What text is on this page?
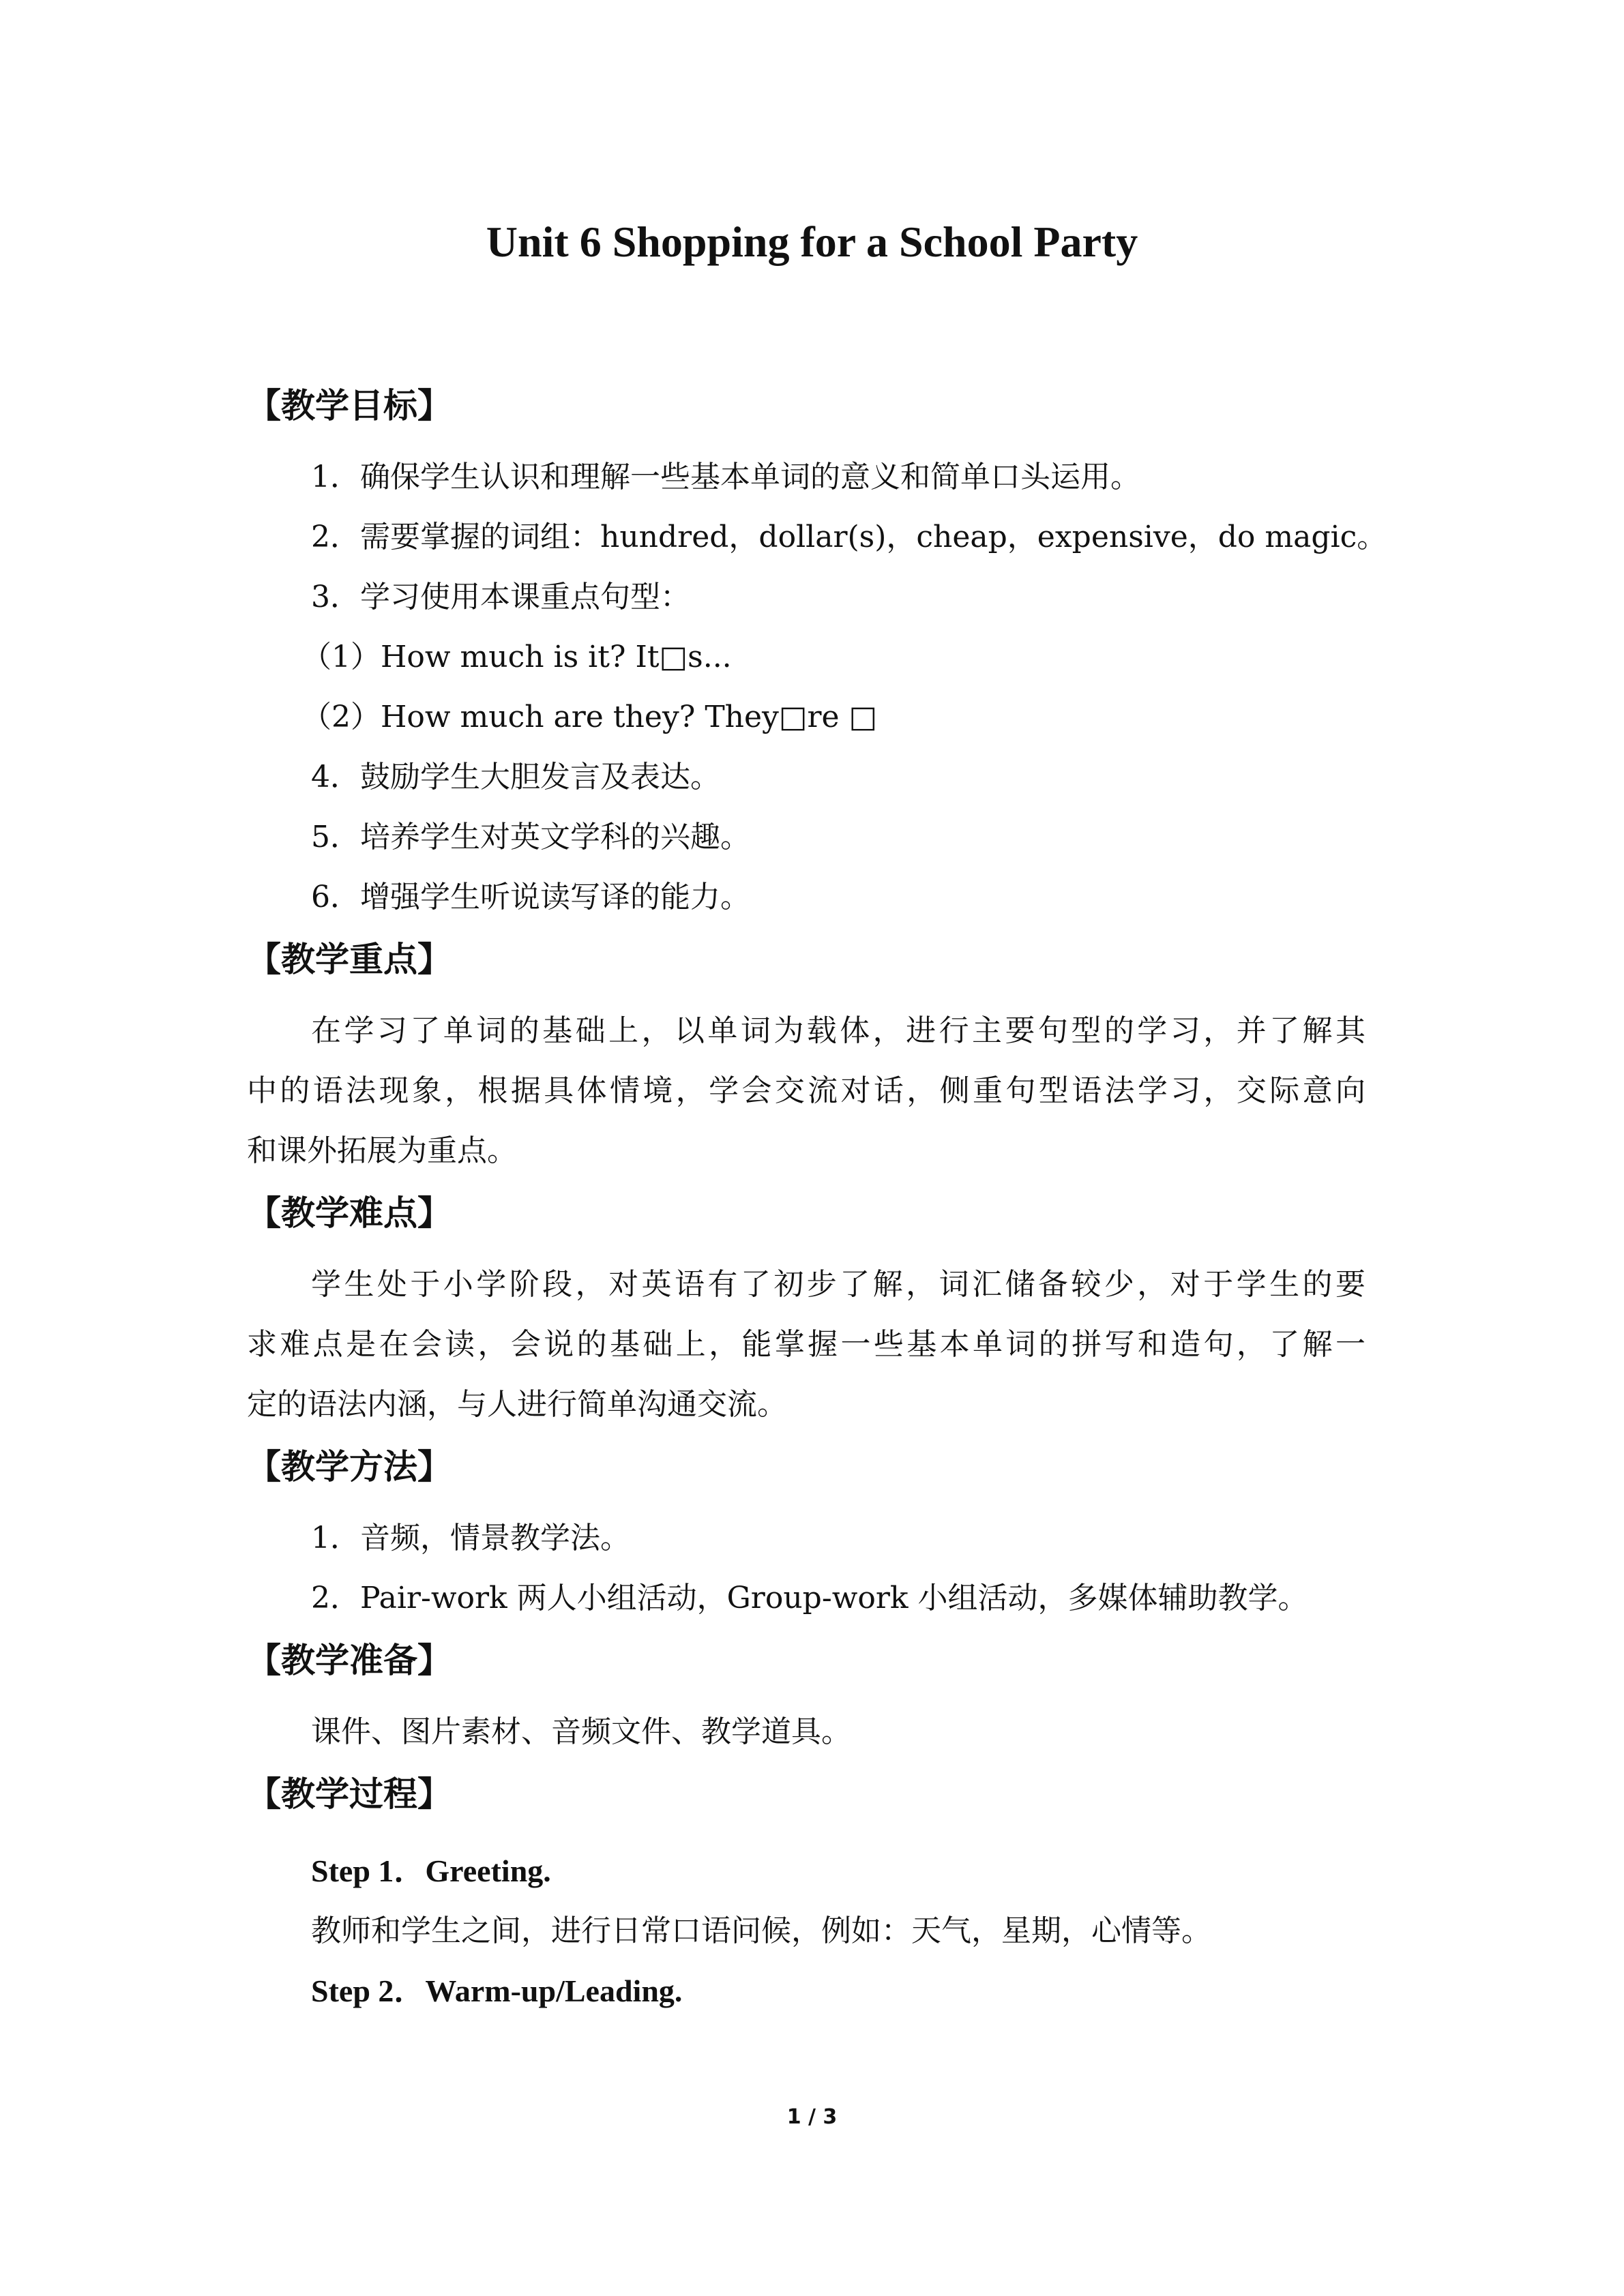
Unit 6 Shopping for a School Party
【教学目标】
1．确保学生认识和理解一些基本单词的意义和简单口头运用。
2．需要掌握的词组：hundred，dollar(s)，cheap，expensive，do magic。
3．学习使用本课重点句型：
（1）How much is it? It□s...
（2）How much are they? They□re □
4．鼓励学生大胆发言及表达。
5．培养学生对英文学科的兴趣。
6．增强学生听说读写译的能力。
【教学重点】
在学习了单词的基础上，以单词为载体，进行主要句型的学习，并了解其
中的语法现象，根据具体情境，学会交流对话，侧重句型语法学习，交际意向
和课外拓展为重点。
【教学难点】
学生处于小学阶段，对英语有了初步了解，词汇储备较少，对于学生的要
求难点是在会读，会说的基础上，能掌握一些基本单词的拼写和造句，了解一
定的语法内涵，与人进行简单沟通交流。
【教学方法】
1．音频，情景教学法。
2．Pair-work 两人小组活动，Group-work 小组活动，多媒体辅助教学。
【教学准备】
课件、图片素材、音频文件、教学道具。
【教学过程】
Step 1．Greeting.
教师和学生之间，进行日常口语问候，例如：天气，星期，心情等。
Step 2．Warm-up/Leading.
1 / 3
